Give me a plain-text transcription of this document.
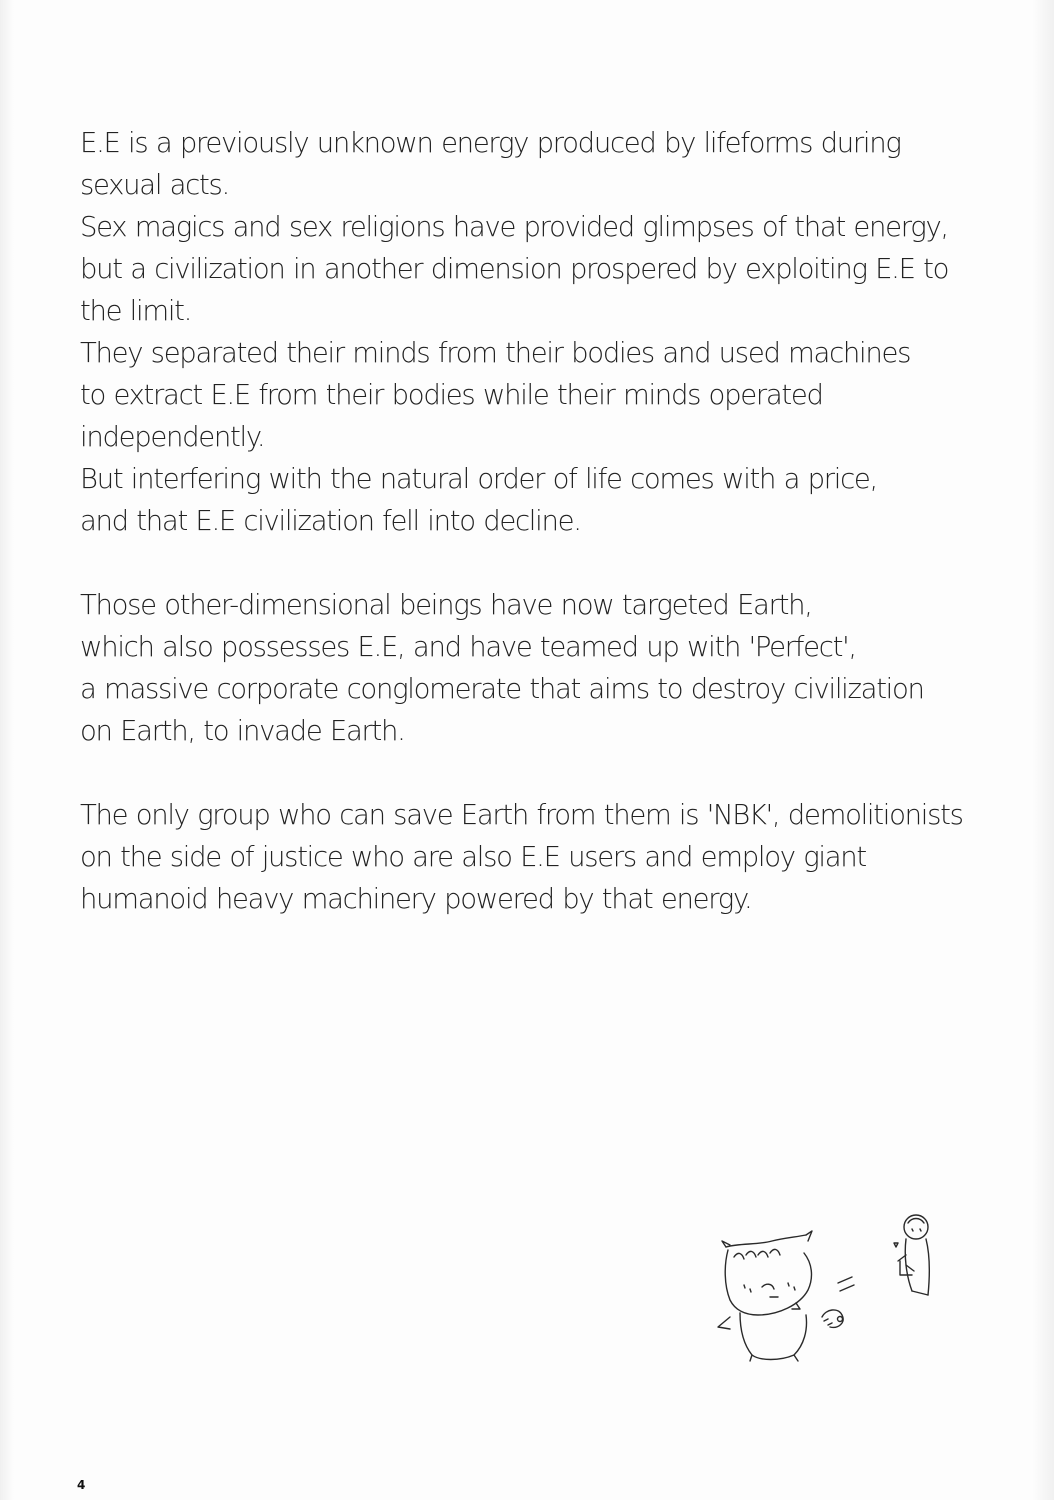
E.E is a previously unknown energy produced by lifeforms during
sexual acts.
Sex magics and sex religions have provided glimpses of that energy,
but a civilization in another dimension prospered by exploiting E.E to
the limit.
They separated their minds from their bodies and used machines
to extract E.E from their bodies while their minds operated
independently.
But interfering with the natural order of life comes with a price,
and that E.E civilization fell into decline.
Those other-dimensional beings have now targeted Earth,
which also possesses E.E, and have teamed up with 'Perfect',
a massive corporate conglomerate that aims to destroy civilization
on Earth, to invade Earth.
The only group who can save Earth from them is 'NBK', demolitionists
on the side of justice who are also E.E users and employ giant
humanoid heavy machinery powered by that energy.
4
